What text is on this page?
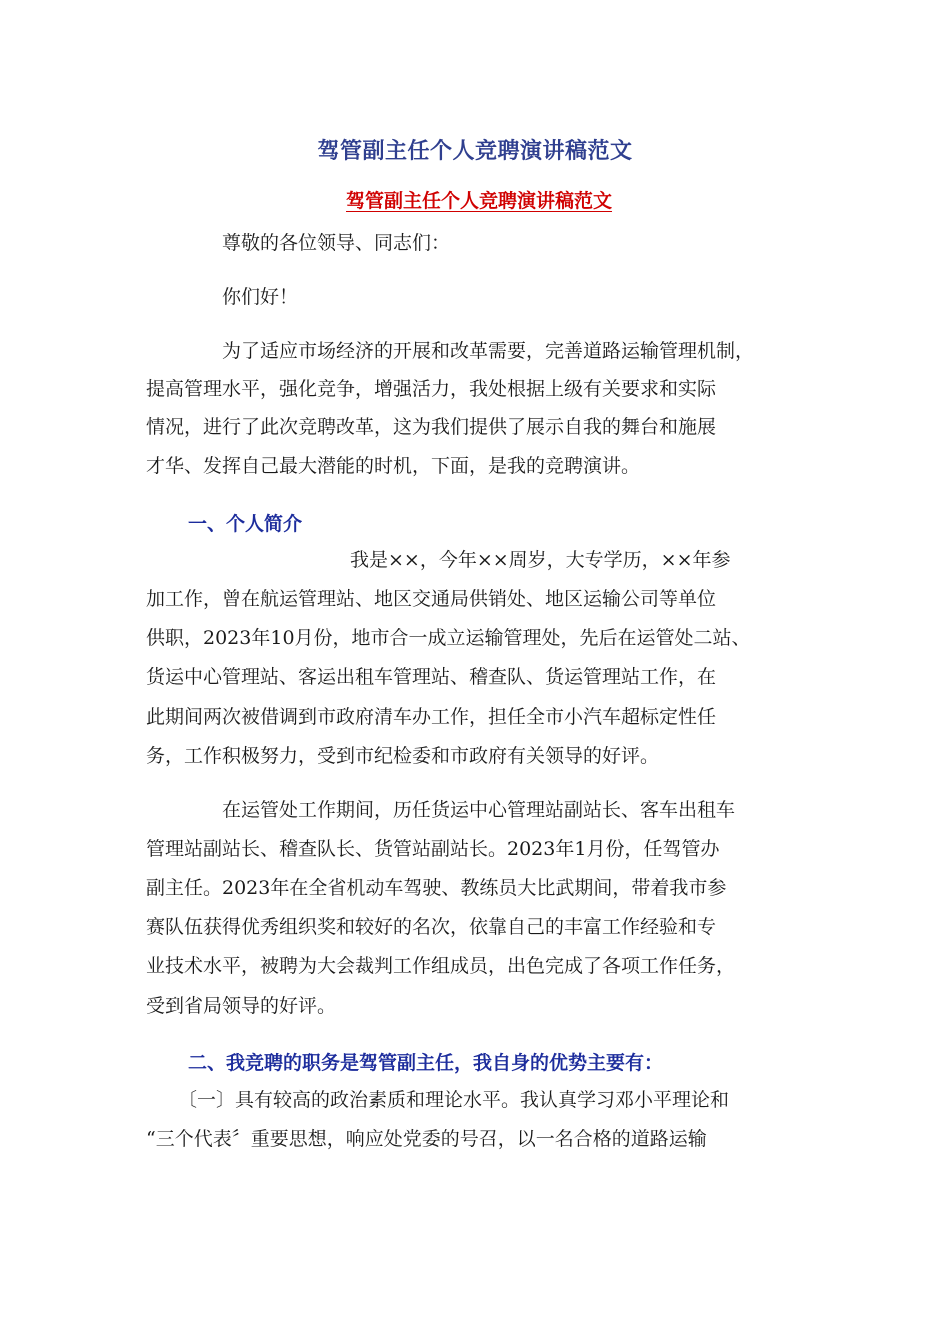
驾管副主任个人竞聘演讲稿范文
驾管副主任个人竞聘演讲稿范文
尊敬的各位领导、同志们：
你们好！
为了适应市场经济的开展和改革需要，完善道路运输管理机制，
提高管理水平，强化竞争，增强活力，我处根据上级有关要求和实际
情况，进行了此次竞聘改革，这为我们提供了展示自我的舞台和施展
才华、发挥自己最大潜能的时机，下面，是我的竞聘演讲。
一、个人简介
我是××，今年××周岁，大专学历，××年参
加工作，曾在航运管理站、地区交通局供销处、地区运输公司等单位
供职，2023年10月份，地市合一成立运输管理处，先后在运管处二站、
货运中心管理站、客运出租车管理站、稽查队、货运管理站工作，在
此期间两次被借调到市政府清车办工作，担任全市小汽车超标定性任
务，工作积极努力，受到市纪检委和市政府有关领导的好评。
在运管处工作期间，历任货运中心管理站副站长、客车出租车
管理站副站长、稽查队长、货管站副站长。2023年1月份，任驾管办
副主任。2023年在全省机动车驾驶、教练员大比武期间，带着我市参
赛队伍获得优秀组织奖和较好的名次，依靠自己的丰富工作经验和专
业技术水平，被聘为大会裁判工作组成员，出色完成了各项工作任务，
受到省局领导的好评。
二、我竞聘的职务是驾管副主任，我自身的优势主要有：
〔一〕具有较高的政治素质和理论水平。我认真学习邓小平理论和
“三个代表〞重要思想，响应处党委的号召，以一名合格的道路运输
